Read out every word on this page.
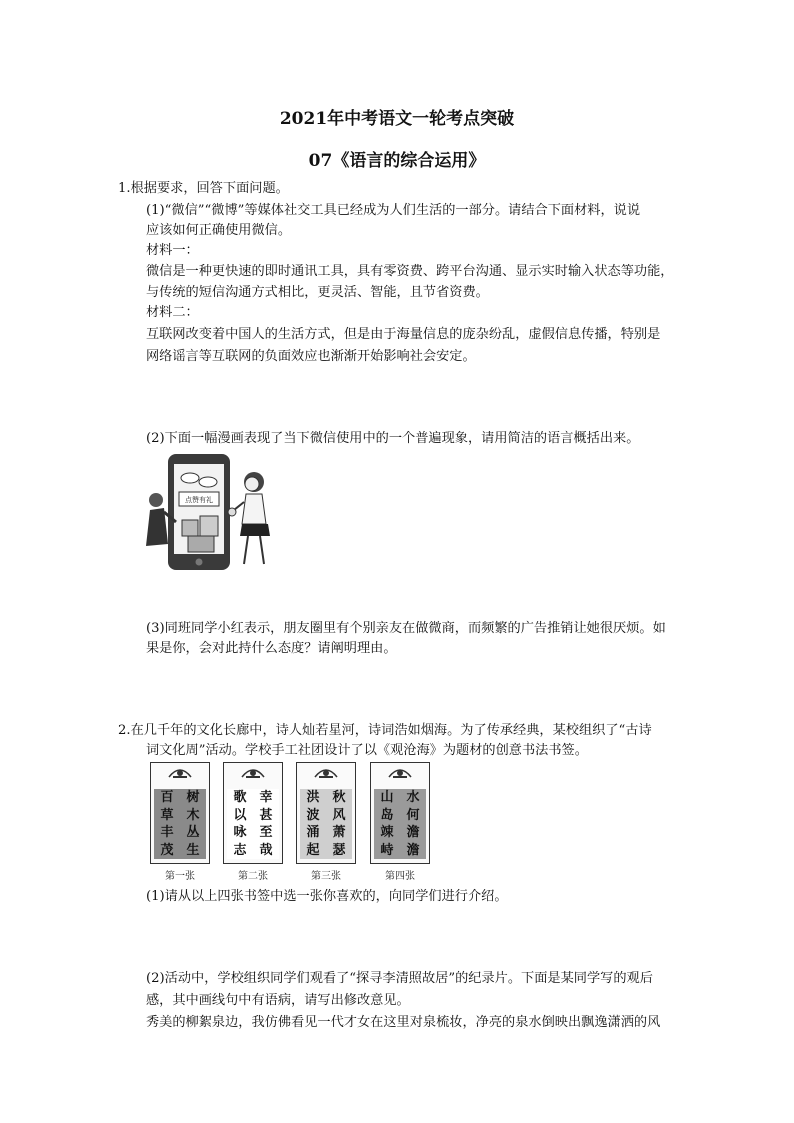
2021年中考语文一轮考点突破
07《语言的综合运用》
1.根据要求，回答下面问题。
(1)“微信”“微博”等媒体社交工具已经成为人们生活的一部分。请结合下面材料，说说
应该如何正确使用微信。
材料一：
微信是一种更快速的即时通讯工具，具有零资费、跨平台沟通、显示实时输入状态等功能，
与传统的短信沟通方式相比，更灵活、智能，且节省资费。
材料二：
互联网改变着中国人的生活方式，但是由于海量信息的庞杂纷乱，虚假信息传播，特别是
网络谣言等互联网的负面效应也渐渐开始影响社会安定。
(2)下面一幅漫画表现了当下微信使用中的一个普遍现象，请用简洁的语言概括出来。
点赞有礼
(3)同班同学小红表示，朋友圈里有个别亲友在做微商，而频繁的广告推销让她很厌烦。如
果是你，会对此持什么态度？请阐明理由。
2.在几千年的文化长廊中，诗人灿若星河，诗词浩如烟海。为了传承经典，某校组织了“古诗
词文化周”活动。学校手工社团设计了以《观沧海》为题材的创意书法书签。
百
草
丰
茂
树
木
丛
生
第一张
歌
以
咏
志
幸
甚
至
哉
第二张
洪
波
涌
起
秋
风
萧
瑟
第三张
山
岛
竦
峙
水
何
澹
澹
第四张
(1)请从以上四张书签中选一张你喜欢的，向同学们进行介绍。
(2)活动中，学校组织同学们观看了“探寻李清照故居”的纪录片。下面是某同学写的观后
感，其中画线句中有语病，请写出修改意见。
秀美的柳絮泉边，我仿佛看见一代才女在这里对泉梳妆，净亮的泉水倒映出飘逸潇洒的风
